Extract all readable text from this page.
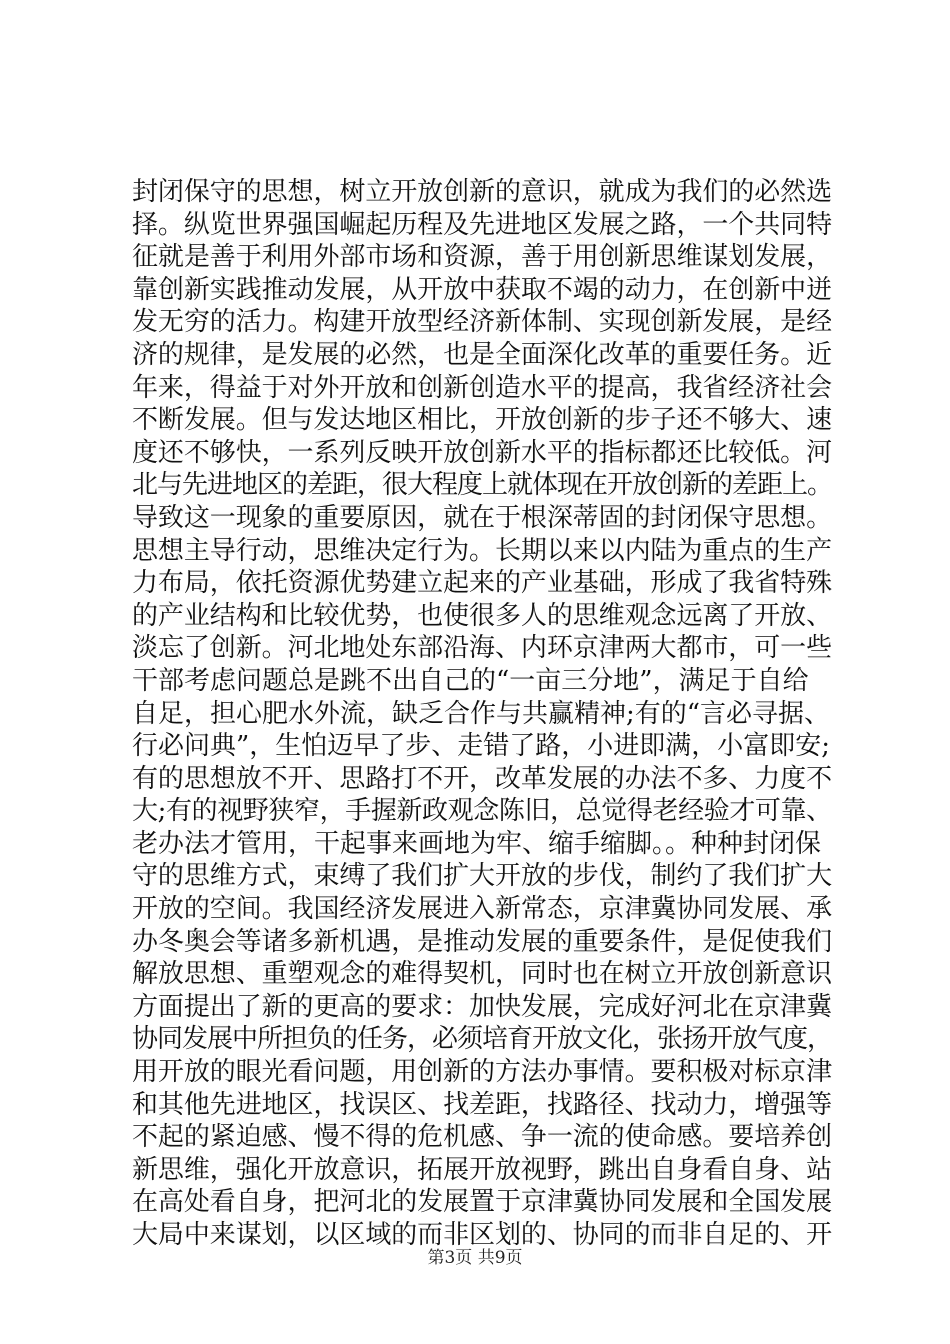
封闭保守的思想，树立开放创新的意识，就成为我们的必然选
择。纵览世界强国崛起历程及先进地区发展之路，一个共同特
征就是善于利用外部市场和资源，善于用创新思维谋划发展，
靠创新实践推动发展，从开放中获取不竭的动力，在创新中迸
发无穷的活力。构建开放型经济新体制、实现创新发展，是经
济的规律，是发展的必然，也是全面深化改革的重要任务。近
年来，得益于对外开放和创新创造水平的提高，我省经济社会
不断发展。但与发达地区相比，开放创新的步子还不够大、速
度还不够快，一系列反映开放创新水平的指标都还比较低。河
北与先进地区的差距，很大程度上就体现在开放创新的差距上。
导致这一现象的重要原因，就在于根深蒂固的封闭保守思想。
思想主导行动，思维决定行为。长期以来以内陆为重点的生产
力布局，依托资源优势建立起来的产业基础，形成了我省特殊
的产业结构和比较优势，也使很多人的思维观念远离了开放、
淡忘了创新。河北地处东部沿海、内环京津两大都市，可一些
干部考虑问题总是跳不出自己的“一亩三分地”，满足于自给
自足，担心肥水外流，缺乏合作与共赢精神;有的“言必寻据、
行必问典”，生怕迈早了步、走错了路，小进即满，小富即安;
有的思想放不开、思路打不开，改革发展的办法不多、力度不
大;有的视野狭窄，手握新政观念陈旧，总觉得老经验才可靠、
老办法才管用，干起事来画地为牢、缩手缩脚。。种种封闭保
守的思维方式，束缚了我们扩大开放的步伐，制约了我们扩大
开放的空间。我国经济发展进入新常态，京津冀协同发展、承
办冬奥会等诸多新机遇，是推动发展的重要条件，是促使我们
解放思想、重塑观念的难得契机，同时也在树立开放创新意识
方面提出了新的更高的要求：加快发展，完成好河北在京津冀
协同发展中所担负的任务，必须培育开放文化，张扬开放气度，
用开放的眼光看问题，用创新的方法办事情。要积极对标京津
和其他先进地区，找误区、找差距，找路径、找动力，增强等
不起的紧迫感、慢不得的危机感、争一流的使命感。要培养创
新思维，强化开放意识，拓展开放视野，跳出自身看自身、站
在高处看自身，把河北的发展置于京津冀协同发展和全国发展
大局中来谋划，以区域的而非区划的、协同的而非自足的、开
第3页 共9页
